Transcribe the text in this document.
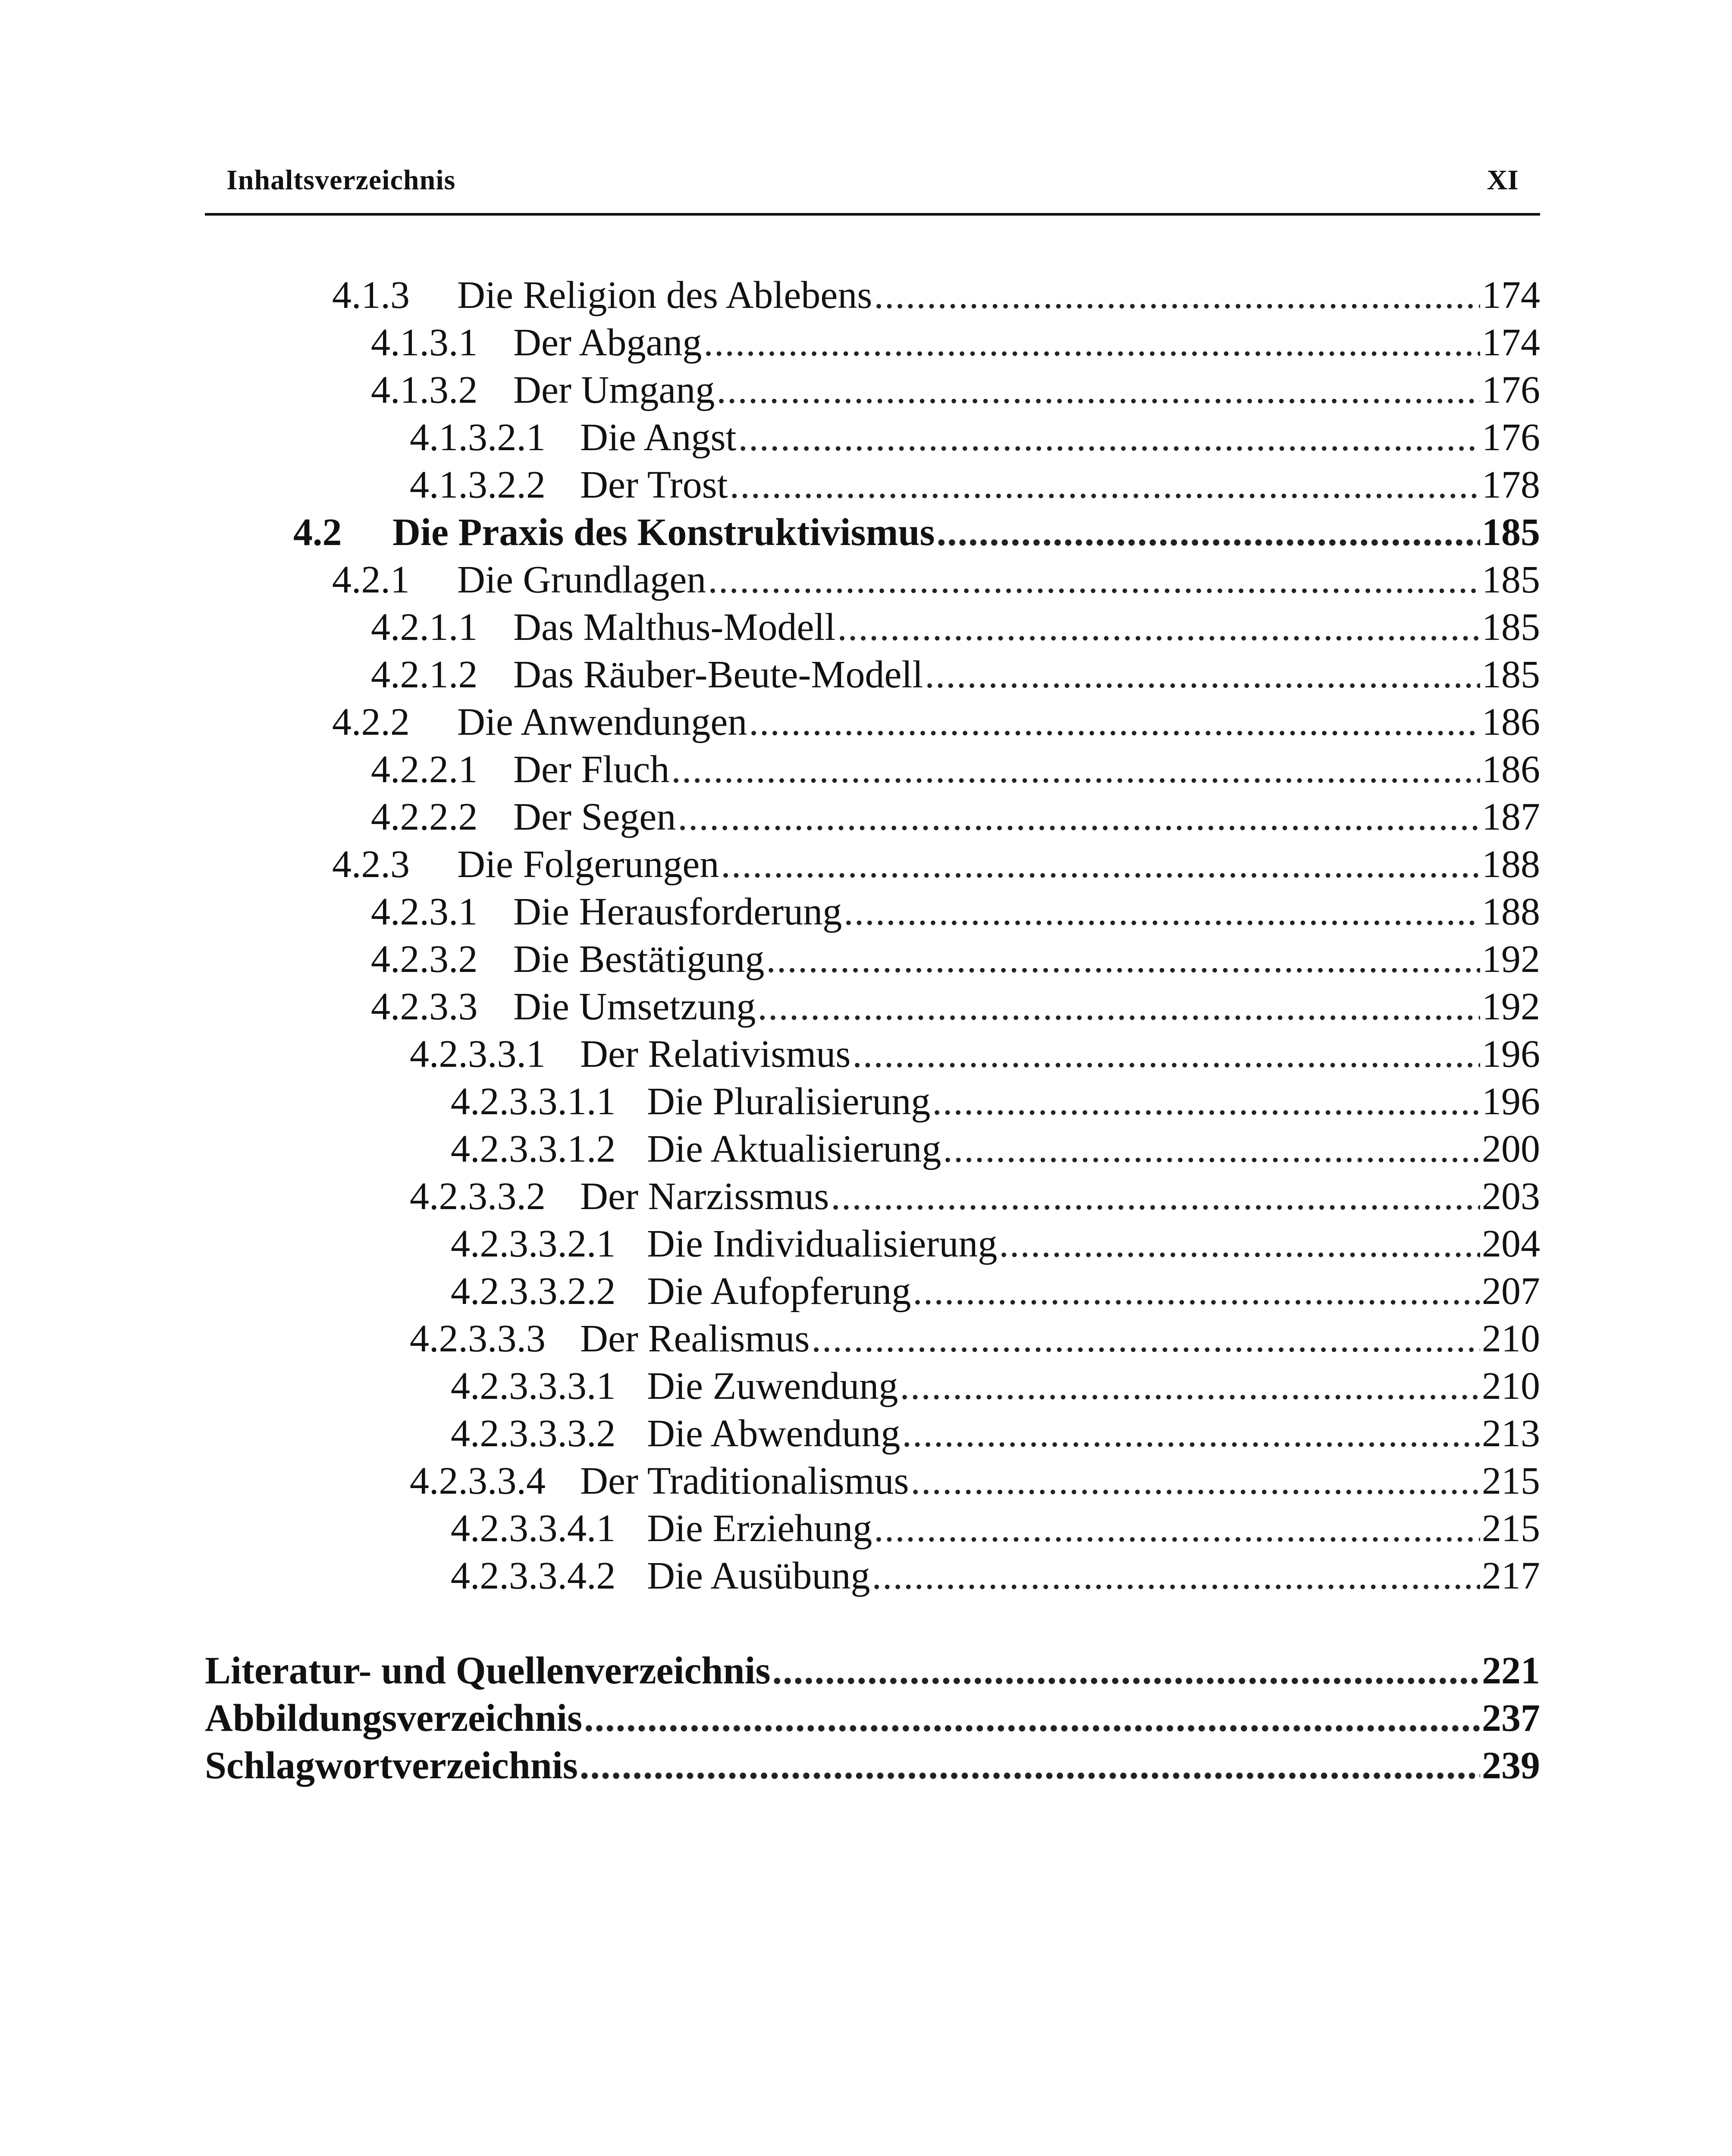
Inhaltsverzeichnis	XI
4.1.3	Die Religion des Ablebens .....	174
4.1.3.1 Der Abgang .....	174
4.1.3.2 Der Umgang .....	176
4.1.3.2.1 Die Angst .....	176
4.1.3.2.2 Der Trost .....	178
4.2	Die Praxis des Konstruktivismus .....	185
4.2.1	Die Grundlagen .....	185
4.2.1.1 Das Malthus-Modell .....	185
4.2.1.2 Das Räuber-Beute-Modell .....	185
4.2.2	Die Anwendungen .....	186
4.2.2.1 Der Fluch .....	186
4.2.2.2 Der Segen .....	187
4.2.3	Die Folgerungen .....	188
4.2.3.1 Die Herausforderung .....	188
4.2.3.2 Die Bestätigung .....	192
4.2.3.3 Die Umsetzung .....	192
4.2.3.3.1 Der Relativismus .....	196
4.2.3.3.1.1 Die Pluralisierung .....	196
4.2.3.3.1.2 Die Aktualisierung .....	200
4.2.3.3.2 Der Narzissmus .....	203
4.2.3.3.2.1 Die Individualisierung .....	204
4.2.3.3.2.2 Die Aufopferung .....	207
4.2.3.3.3 Der Realismus .....	210
4.2.3.3.3.1 Die Zuwendung .....	210
4.2.3.3.3.2 Die Abwendung .....	213
4.2.3.3.4 Der Traditionalismus .....	215
4.2.3.3.4.1 Die Erziehung .....	215
4.2.3.3.4.2 Die Ausübung .....	217
Literatur- und Quellenverzeichnis .....	221
Abbildungsverzeichnis .....	237
Schlagwortverzeichnis .....	239
